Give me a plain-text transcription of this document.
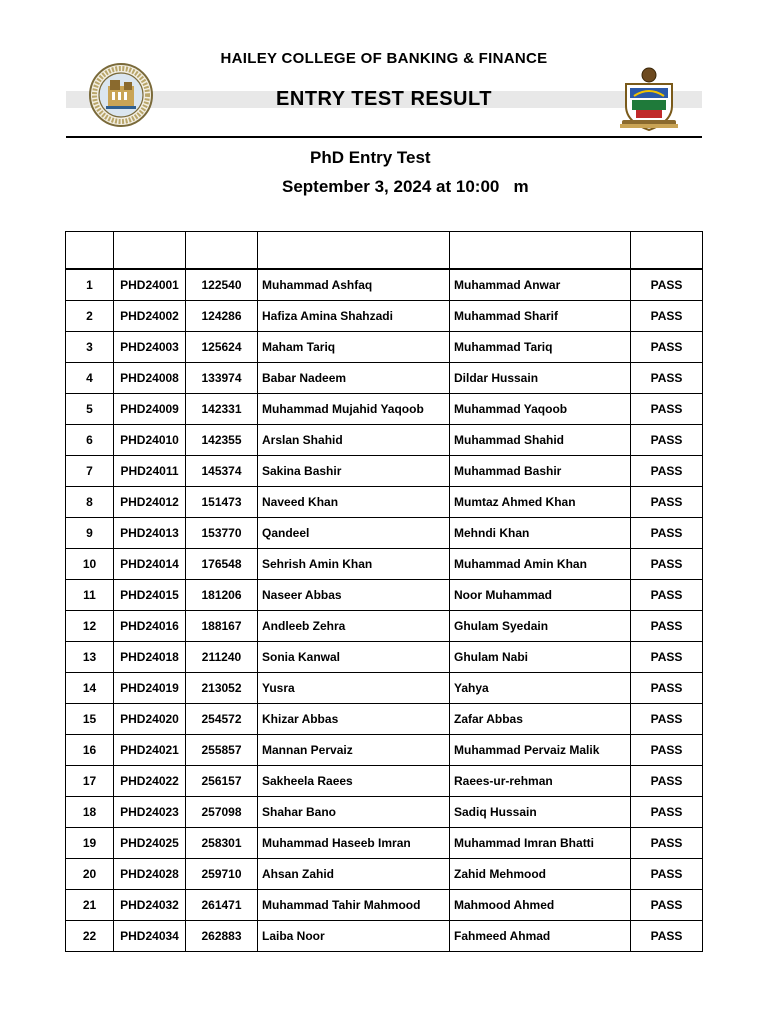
HAILEY COLLEGE OF BANKING & FINANCE
ENTRY TEST RESULT
PhD Entry Test
September 3, 2024 at 10:00   m

1	PHD24001	122540	Muhammad Ashfaq	Muhammad Anwar	PASS
2	PHD24002	124286	Hafiza Amina Shahzadi	Muhammad Sharif	PASS
3	PHD24003	125624	Maham Tariq	Muhammad Tariq	PASS
4	PHD24008	133974	Babar Nadeem	Dildar Hussain	PASS
5	PHD24009	142331	Muhammad Mujahid Yaqoob	Muhammad Yaqoob	PASS
6	PHD24010	142355	Arslan Shahid	Muhammad Shahid	PASS
7	PHD24011	145374	Sakina Bashir	Muhammad Bashir	PASS
8	PHD24012	151473	Naveed Khan	Mumtaz Ahmed Khan	PASS
9	PHD24013	153770	Qandeel	Mehndi Khan	PASS
10	PHD24014	176548	Sehrish Amin Khan	Muhammad Amin Khan	PASS
11	PHD24015	181206	Naseer Abbas	Noor Muhammad	PASS
12	PHD24016	188167	Andleeb Zehra	Ghulam Syedain	PASS
13	PHD24018	211240	Sonia Kanwal	Ghulam Nabi	PASS
14	PHD24019	213052	Yusra	Yahya	PASS
15	PHD24020	254572	Khizar Abbas	Zafar Abbas	PASS
16	PHD24021	255857	Mannan Pervaiz	Muhammad Pervaiz Malik	PASS
17	PHD24022	256157	Sakheela Raees	Raees-ur-rehman	PASS
18	PHD24023	257098	Shahar Bano	Sadiq Hussain	PASS
19	PHD24025	258301	Muhammad Haseeb Imran	Muhammad Imran Bhatti	PASS
20	PHD24028	259710	Ahsan Zahid	Zahid Mehmood	PASS
21	PHD24032	261471	Muhammad Tahir Mahmood	Mahmood Ahmed	PASS
22	PHD24034	262883	Laiba Noor	Fahmeed Ahmad	PASS
